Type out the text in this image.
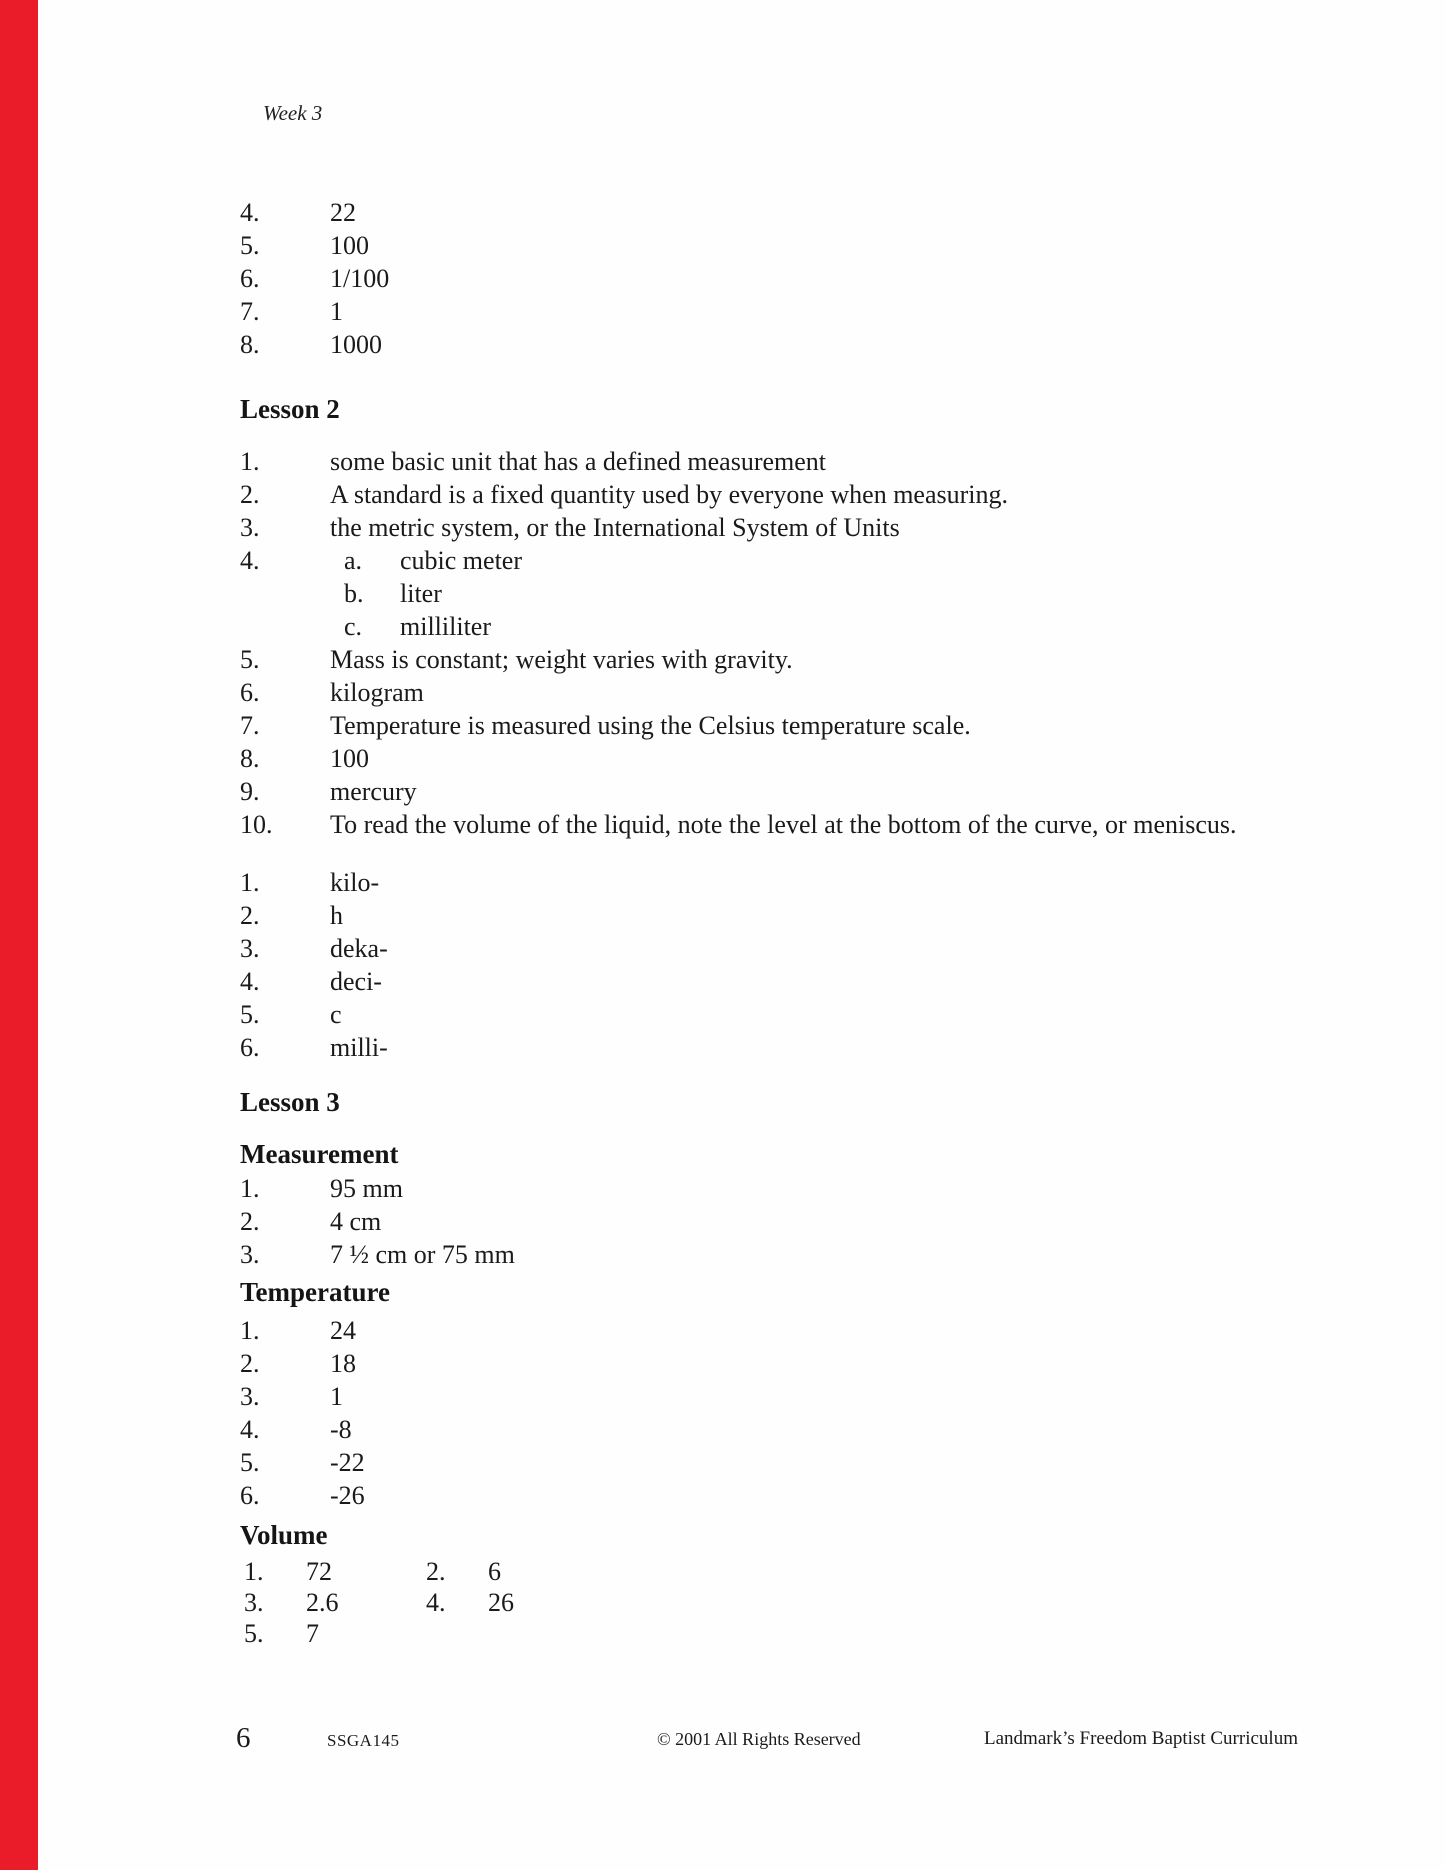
Week 3
4.	22
5.	100
6.	1/100
7.	1
8.	1000
Lesson 2
1.	some basic unit that has a defined measurement
2.	A standard is a fixed quantity used by everyone when measuring.
3.	the metric system, or the International System of Units
4.	a.	cubic meter
b.	liter
c.	milliliter
5.	Mass is constant; weight varies with gravity.
6.	kilogram
7.	Temperature is measured using the Celsius temperature scale.
8.	100
9.	mercury
10.	To read the volume of the liquid, note the level at the bottom of the curve, or meniscus.
1.	kilo-
2.	h
3.	deka-
4.	deci-
5.	c
6.	milli-
Lesson 3
Measurement
1.	95 mm
2.	4 cm
3.	7 ½ cm or 75 mm
Temperature
1.	24
2.	18
3.	1
4.	-8
5.	-22
6.	-26
Volume
1.	72	2.	6
3.	2.6	4.	26
5.	7
6	SSGA145	© 2001 All Rights Reserved	Landmark’s Freedom Baptist Curriculum
